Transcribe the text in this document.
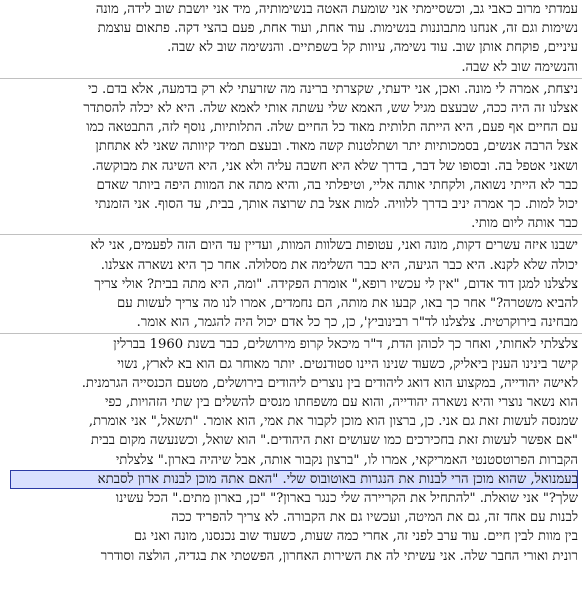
עמדתי מרוב כאבי גב, וכשסיימתי אני שומעת האטה בנשימותיה, מיד אני יושבת שוב לידה, מונה
נשימות וגם זה, אנחנו מתבוננות בנשימות. עוד אחת, ועוד אחת, פעם בהצי דקה. פתאום עוצמת
עיניים, פוקחת אותן שוב. עוד נשימה, עיוות קל בשפתיים. והנשימה שוב לא שבה.
והנשימה שוב לא שבה.
ניצחת, אמרה לי מונה. ואכן, אני ידעתי, שקצרתי ברינה מה שזרעתי לא רק בדמעה, אלא בדם. כי
אצלנו זה היה ככה, שבעצם מגיל שש, האמא שלי עשתה אותי לאמא שלה. היא לא יכלה להסתדר
עם החיים אף פעם, היא הייתה תלותית מאוד כל החיים שלה. התלותיות, נוסף לזה, התבטאה כמו
אצל הרבה אנשים, בסמכותיות יתר ושתלטנות קשה מאוד. ובעצם תמיד קיוותה שאני לא אתחתן
ושאני אטפל בה. ובסופו של דבר, בדרך שלא היא חשבה עליה ולא אני, היא השיגה את מבוקשה.
כבר לא הייתי נשואה, ולקחתי אותה אליי, וטיפלתי בה, והיא מתה את המוות היפה ביותר שאדם
יכול למות. כך אמרה יניב בדרך ללוויה. למות אצל בת שרוצה אותך, בבית, עד הסוף. אני הזמנתי
כבר אותה ליום מותי.
ישבנו איזה עשרים דקות, מונה ואני, עטופות בשלוות המוות, ועדיין עד היום הזה לפעמים, אני לא
יכולה שלא לקנא. היא כבר הגיעה, היא כבר השלימה את מסלולה. אחר כך היא נשארה אצלנו.
צלצלנו למגן דוד אדום, "אין לי עכשיו רופא," אומרת הפקידה. "ומה, היא מתה בבית? אולי צריך
להביא משטרה?" אחר כך באו, קבעו את מותה, הם נחמדים, אמרו לנו מה צריך לעשות עם
מבחינה בירוקרטית. צלצלנו לד"ר רבינוביץ', כן, כך כל אדם יכול היה להגמר, הוא אומר.
צלצלתי לאחותי, ואחר כך לכוהן הדת, ד"ר מיכאל קרופ מירושלים, כבר בשנת 1960 בברלין
קישר בינינו הענין ביאליק, כשעוד שנינו היינו סטודנטים. יותר מאוחר גם הוא בא לארץ, נשוי
לאישה יהודייה, במקצוע הוא דואג ליהודים בין נוצרים ליהודים בירושלים, מטעם הכנסייה הגרמנית.
הוא נשאר נוצרי והיא נשארה יהודייה, והוא עם משפחתו מנסים להשלים בין שתי הזהויות, כפי
שמנסה לעשות זאת גם אני. כן, ברצון הוא מוכן לקבור את אמי, הוא אומר. "תשאל," אני אומרת,
"אם אפשר לעשות זאת בחכירכים כמו שעושים זאת היהודים." הוא שואל, וכשנעשה מקום בבית
הקברות הפרוטסטנטי האמריקאי, אמרו לו, "ברצון נקבור אותה, אבל שיהיה בארון." צלצלתי
בעמנואל, שהוא מוכן הרי לבנות את הנגרות באוטובוס שלי. "האם אתה מוכן לבנות ארון לסבתא
שלך?" אני שואלת. "להתחיל את הקריירה שלי כנגר בארון?" "כן, בארון מתים." הכל עשינו
לבנות עם אחד זה, גם את המיטה, ועכשיו גם את הקבורה. לא צריך להפריד ככה
בין מוות לבין חיים. עוד ערב לפני זה, אחרי כמה שעות, כשעוד שוב נכנסנו, מונה ואני גם
רונית ואורי החבר שלה. אני עשיתי לה את השירות האחרון, הפשטתי את בגדיה, הולצה וסודרר
